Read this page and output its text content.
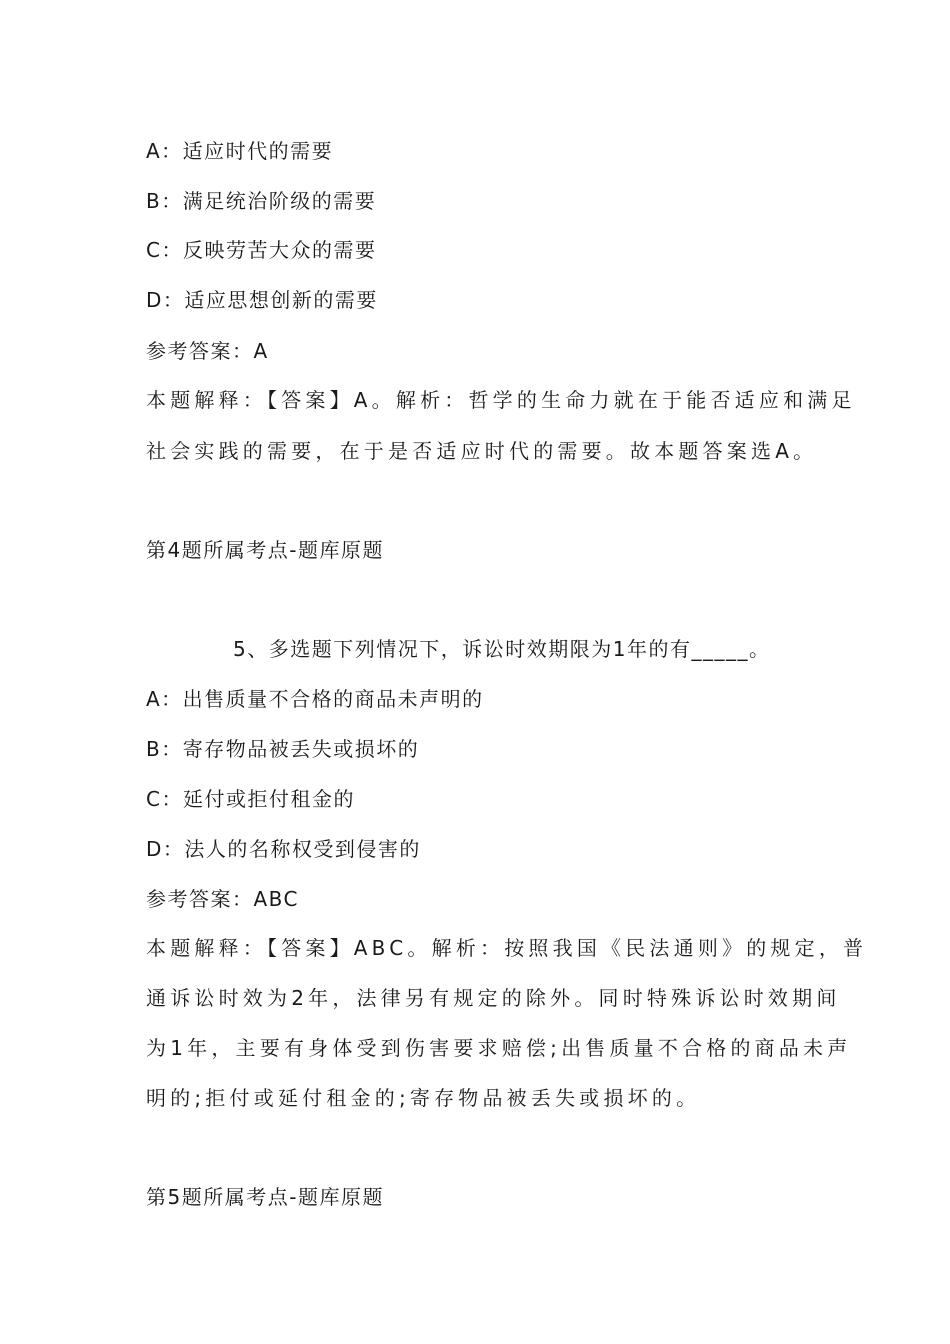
A：适应时代的需要
B：满足统治阶级的需要
C：反映劳苦大众的需要
D：适应思想创新的需要
参考答案：A
本题解释：【答案】A。解析：哲学的生命力就在于能否适应和满足
社会实践的需要，在于是否适应时代的需要。故本题答案选A。
第4题所属考点-题库原题
5、多选题下列情况下，诉讼时效期限为1年的有_____。
A：出售质量不合格的商品未声明的
B：寄存物品被丢失或损坏的
C：延付或拒付租金的
D：法人的名称权受到侵害的
参考答案：ABC
本题解释：【答案】ABC。解析：按照我国《民法通则》的规定，普
通诉讼时效为2年，法律另有规定的除外。同时特殊诉讼时效期间
为1年，主要有身体受到伤害要求赔偿;出售质量不合格的商品未声
明的;拒付或延付租金的;寄存物品被丢失或损坏的。
第5题所属考点-题库原题
